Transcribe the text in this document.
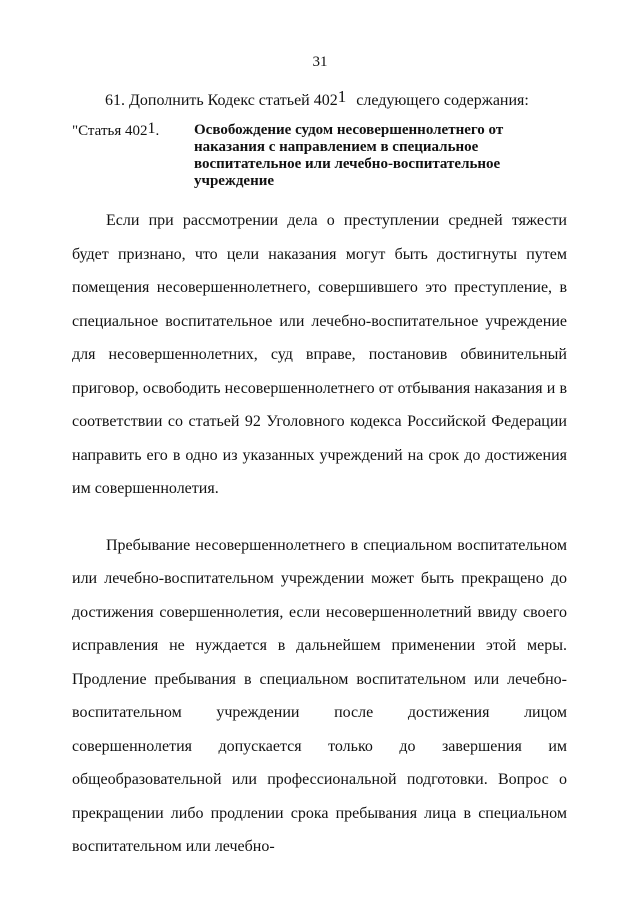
31
61. Дополнить Кодекс статьей 4021 следующего содержания:
"Статья 4021. Освобождение судом несовершеннолетнего от наказания с направлением в специальное воспитательное или лечебно-воспитательное учреждение

Если при рассмотрении дела о преступлении средней тяжести будет признано, что цели наказания могут быть достигнуты путем помещения несовершеннолетнего, совершившего это преступление, в специальное воспитательное или лечебно-воспитательное учреждение для несовершеннолетних, суд вправе, постановив обвинительный приговор, освободить несовершеннолетнего от отбывания наказания и в соответствии со статьей 92 Уголовного кодекса Российской Федерации направить его в одно из указанных учреждений на срок до достижения им совершеннолетия.

Пребывание несовершеннолетнего в специальном воспитательном или лечебно-воспитательном учреждении может быть прекращено до достижения совершеннолетия, если несовершеннолетний ввиду своего исправления не нуждается в дальнейшем применении этой меры. Продление пребывания в специальном воспитательном или лечебно-воспитательном учреждении после достижения лицом совершеннолетия допускается только до завершения им общеобразовательной или профессиональной подготовки. Вопрос о прекращении либо продлении срока пребывания лица в специальном воспитательном или лечебно-
